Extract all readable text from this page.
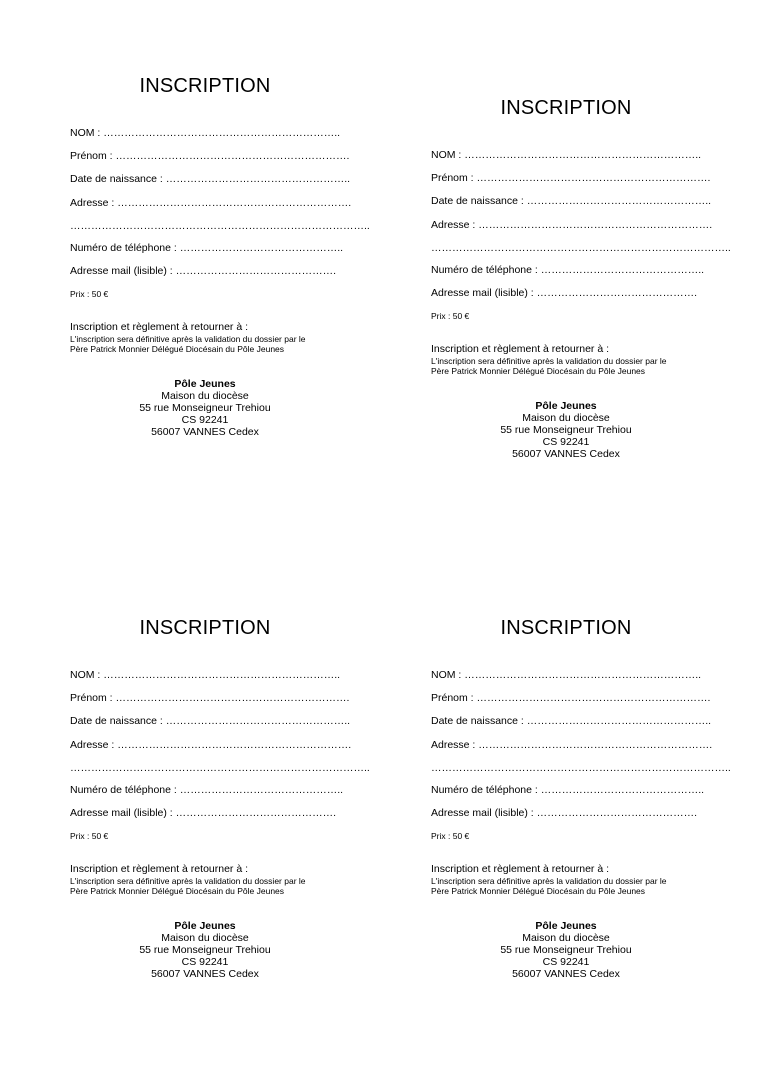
INSCRIPTION
NOM : …………………………………………………………..
Prénom : ………………………………………………………….
Date de naissance : ……………………………………………..
Adresse : ………………………………………………………….
…………………………………………………………………………..
Numéro de téléphone : ………………………………………..
Adresse mail (lisible) : ……………………………………….
Prix : 50 €
Inscription et règlement à retourner à :
L'inscription sera définitive après la validation du dossier par le
Père Patrick Monnier Délégué Diocésain du Pôle Jeunes
Pôle Jeunes
Maison du diocèse
55 rue Monseigneur Trehiou
CS 92241
56007 VANNES Cedex
INSCRIPTION
NOM : …………………………………………………………..
Prénom : ………………………………………………………….
Date de naissance : ……………………………………………..
Adresse : ………………………………………………………….
…………………………………………………………………………..
Numéro de téléphone : ………………………………………..
Adresse mail (lisible) : ……………………………………….
Prix : 50 €
Inscription et règlement à retourner à :
L'inscription sera définitive après la validation du dossier par le
Père Patrick Monnier Délégué Diocésain du Pôle Jeunes
Pôle Jeunes
Maison du diocèse
55 rue Monseigneur Trehiou
CS 92241
56007 VANNES Cedex
INSCRIPTION
NOM : …………………………………………………………..
Prénom : ………………………………………………………….
Date de naissance : ……………………………………………..
Adresse : ………………………………………………………….
…………………………………………………………………………..
Numéro de téléphone : ………………………………………..
Adresse mail (lisible) : ……………………………………….
Prix : 50 €
Inscription et règlement à retourner à :
L'inscription sera définitive après la validation du dossier par le
Père Patrick Monnier Délégué Diocésain du Pôle Jeunes
Pôle Jeunes
Maison du diocèse
55 rue Monseigneur Trehiou
CS 92241
56007 VANNES Cedex
INSCRIPTION
NOM : …………………………………………………………..
Prénom : ………………………………………………………….
Date de naissance : ……………………………………………..
Adresse : ………………………………………………………….
…………………………………………………………………………..
Numéro de téléphone : ………………………………………..
Adresse mail (lisible) : ……………………………………….
Prix : 50 €
Inscription et règlement à retourner à :
L'inscription sera définitive après la validation du dossier par le
Père Patrick Monnier Délégué Diocésain du Pôle Jeunes
Pôle Jeunes
Maison du diocèse
55 rue Monseigneur Trehiou
CS 92241
56007 VANNES Cedex
